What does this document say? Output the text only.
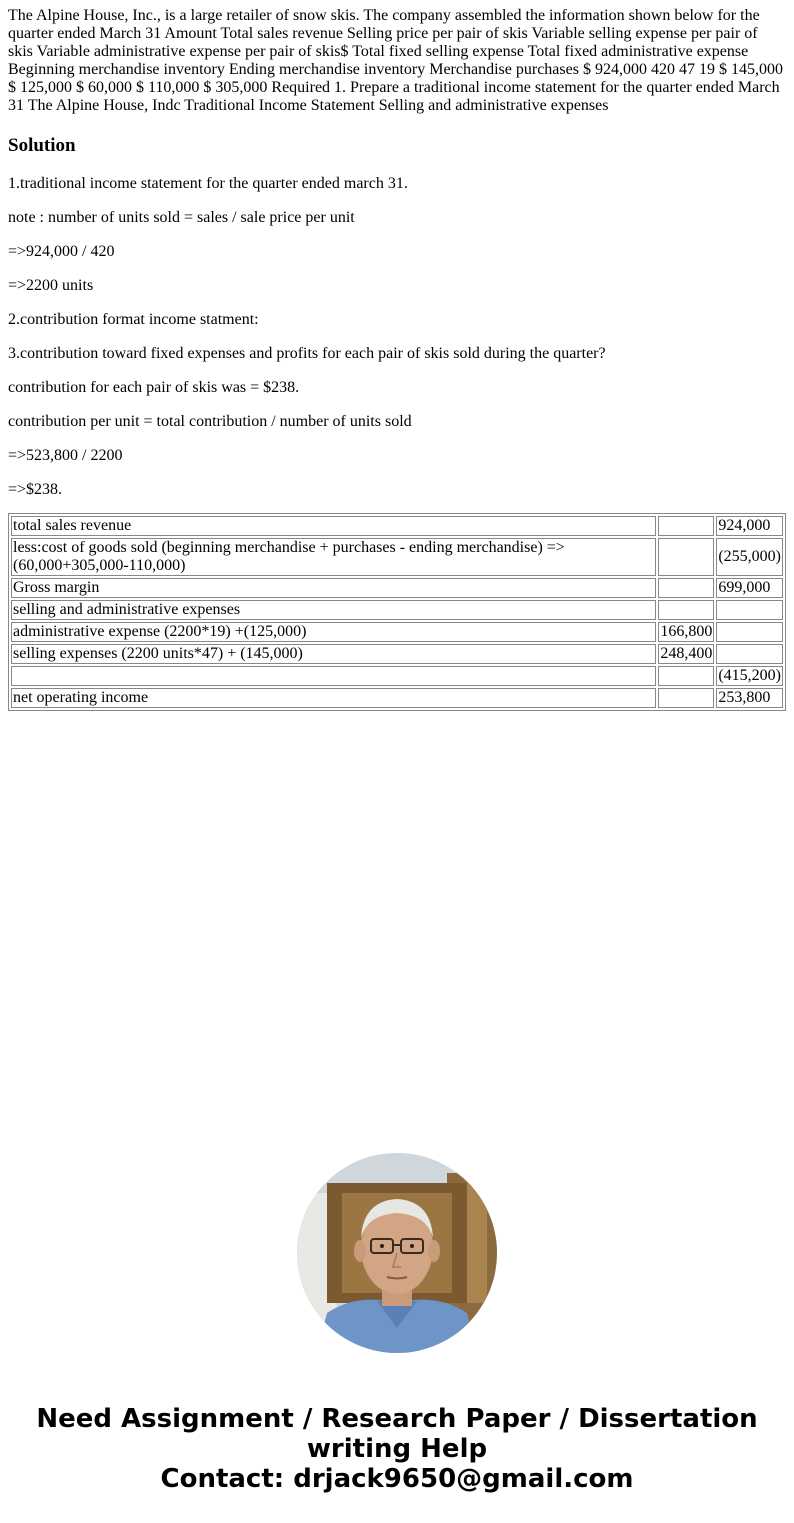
The Alpine House, Inc., is a large retailer of snow skis. The company assembled the information shown below for the quarter ended March 31 Amount Total sales revenue Selling price per pair of skis Variable selling expense per pair of skis Variable administrative expense per pair of skis$ Total fixed selling expense Total fixed administrative expense Beginning merchandise inventory Ending merchandise inventory Merchandise purchases $ 924,000 420 47 19 $ 145,000 $ 125,000 $ 60,000 $ 110,000 $ 305,000 Required 1. Prepare a traditional income statement for the quarter ended March 31 The Alpine House, Indc Traditional Income Statement Selling and administrative expenses

Solution

1.traditional income statement for the quarter ended march 31.

note : number of units sold = sales / sale price per unit

=>924,000 / 420

=>2200 units

2.contribution format income statment:

3.contribution toward fixed expenses and profits for each pair of skis sold during the quarter?

contribution for each pair of skis was = $238.

contribution per unit = total contribution / number of units sold

=>523,800 / 2200

=>$238.

total sales revenue		924,000
less:cost of goods sold (beginning merchandise + purchases - ending merchandise) => (60,000+305,000-110,000)		(255,000)
Gross margin		699,000
selling and administrative expenses		
administrative expense (2200*19) +(125,000)	166,800	
selling expenses (2200 units*47) + (145,000)	248,400	
		(415,200)
net operating income		253,800
Need Assignment / Research Paper / Dissertation
writing Help
Contact: drjack9650@gmail.com
